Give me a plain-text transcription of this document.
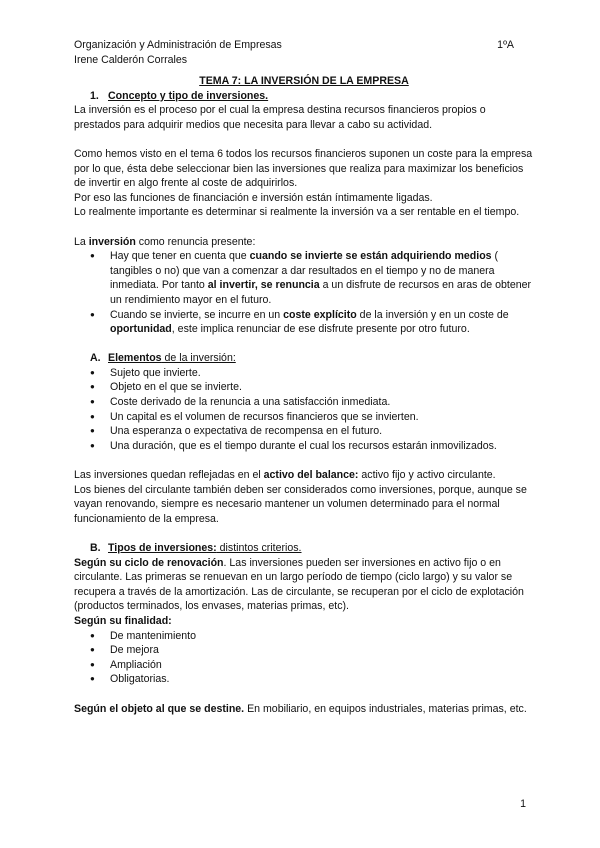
Organización y Administración de Empresas	1ºA
Irene Calderón Corrales
TEMA 7: LA INVERSIÓN DE LA EMPRESA
1. Concepto y tipo de inversiones.

La inversión es el proceso por el cual la empresa destina recursos financieros propios o prestados para adquirir medios que necesita para llevar a cabo su actividad.

Como hemos visto en el tema 6 todos los recursos financieros suponen un coste para la empresa por lo que, ésta debe seleccionar bien las inversiones que realiza para maximizar los beneficios de invertir en algo frente al coste de adquirirlos.

Por eso las funciones de financiación e inversión están íntimamente ligadas.

Lo realmente importante es determinar si realmente la inversión va a ser rentable en el tiempo.

La inversión como renuncia presente:

● Hay que tener en cuenta que cuando se invierte se están adquiriendo medios ( tangibles o no) que van a comenzar a dar resultados en el tiempo y no de manera inmediata. Por tanto al invertir, se renuncia a un disfrute de recursos en aras de obtener un rendimiento mayor en el futuro.
● Cuando se invierte, se incurre en un coste explícito de la inversión y en un coste de oportunidad, este implica renunciar de ese disfrute presente por otro futuro.
A. Elementos de la inversión:
● Sujeto que invierte.
● Objeto en el que se invierte.
● Coste derivado de la renuncia a una satisfacción inmediata.
● Un capital es el volumen de recursos financieros que se invierten.
● Una esperanza o expectativa de recompensa en el futuro.
● Una duración, que es el tiempo durante el cual los recursos estarán inmovilizados.

Las inversiones quedan reflejadas en el activo del balance: activo fijo y activo circulante.

Los bienes del circulante también deben ser considerados como inversiones, porque, aunque se vayan renovando, siempre es necesario mantener un volumen determinado para el normal funcionamiento de la empresa.

B. Tipos de inversiones: distintos criterios.

Según su ciclo de renovación. Las inversiones pueden ser inversiones en activo fijo o en circulante. Las primeras se renuevan en un largo período de tiempo (ciclo largo) y su valor se recupera a través de la amortización. Las de circulante, se recuperan por el ciclo de explotación (productos terminados, los envases, materias primas, etc).

Según su finalidad:

● De mantenimiento
● De mejora
● Ampliación
● Obligatorias.

Según el objeto al que se destine. En mobiliario, en equipos industriales, materias primas, etc.

1
